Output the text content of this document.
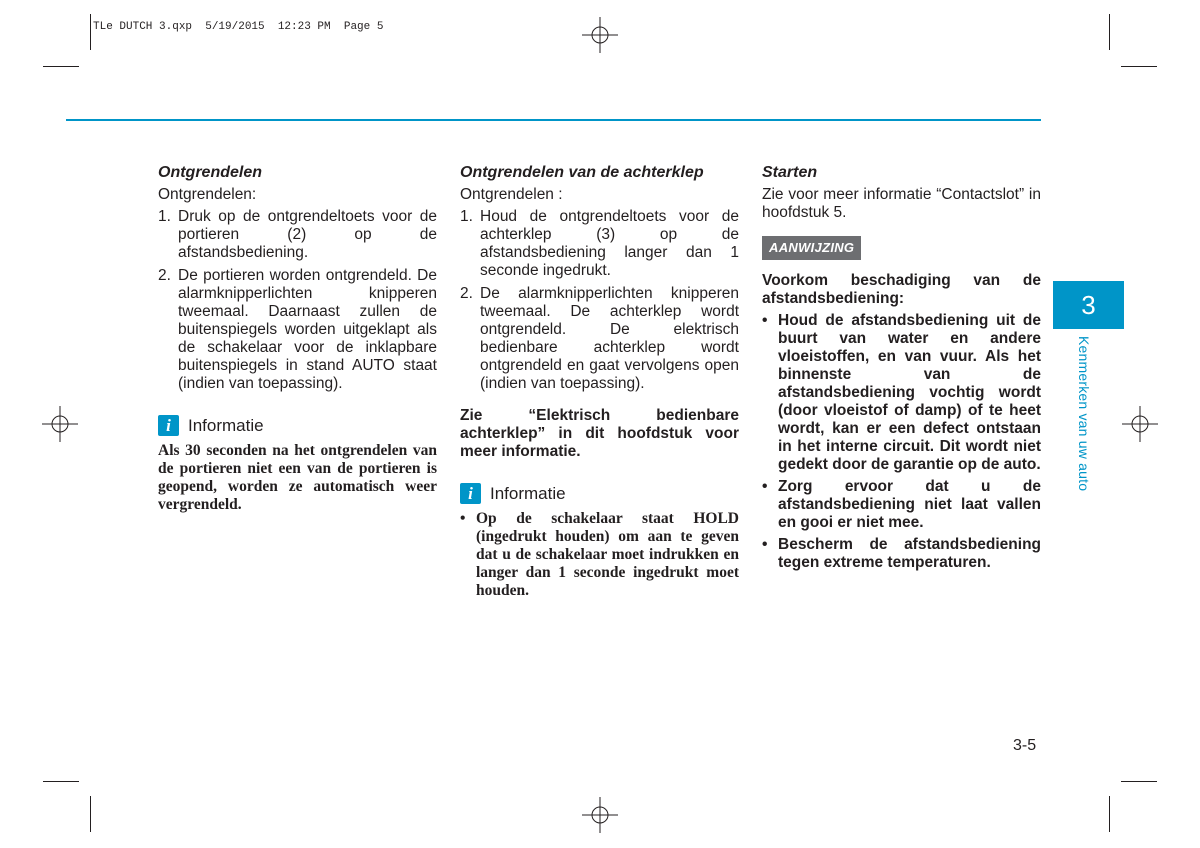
TLe DUTCH 3.qxp  5/19/2015  12:23 PM  Page 5
Ontgrendelen

Ontgrendelen:

1. Druk op de ontgrendeltoets voor de portieren (2) op de afstandsbediening.
2. De portieren worden ontgrendeld. De alarmknipperlichten knipperen tweemaal. Daarnaast zullen de buitenspiegels worden uitgeklapt als de schakelaar voor de inklapbare buitenspiegels in stand AUTO staat (indien van toepassing).
i	Informatie

Als 30 seconden na het ontgrendelen van de portieren niet een van de portieren is geopend, worden ze automatisch weer vergrendeld.

Ontgrendelen van de achterklep

Ontgrendelen :

1. Houd de ontgrendeltoets voor de achterklep (3) op de afstandsbediening langer dan 1 seconde ingedrukt.
2. De alarmknipperlichten knipperen tweemaal. De achterklep wordt ontgrendeld. De elektrisch bedienbare achterklep wordt ontgrendeld en gaat vervolgens open (indien van toepassing).

Zie “Elektrisch bedienbare achterklep” in dit hoofdstuk voor meer informatie.

i	Informatie
• Op de schakelaar staat HOLD (ingedrukt houden) om aan te geven dat u de schakelaar moet indrukken en langer dan 1 seconde ingedrukt moet houden.
Starten

Zie voor meer informatie “Contactslot” in hoofdstuk 5.

AANWIJZING

Voorkom beschadiging van de afstandsbediening:

• Houd de afstandsbediening uit de buurt van water en andere vloeistoffen, en van vuur. Als het binnenste van de afstandsbediening vochtig wordt (door vloeistof of damp) of te heet wordt, kan er een defect ontstaan in het interne circuit. Dit wordt niet gedekt door de garantie op de auto.
• Zorg ervoor dat u de afstandsbediening niet laat vallen en gooi er niet mee.
• Bescherm de afstandsbediening tegen extreme temperaturen.
3
Kenmerken van uw auto
3-5
